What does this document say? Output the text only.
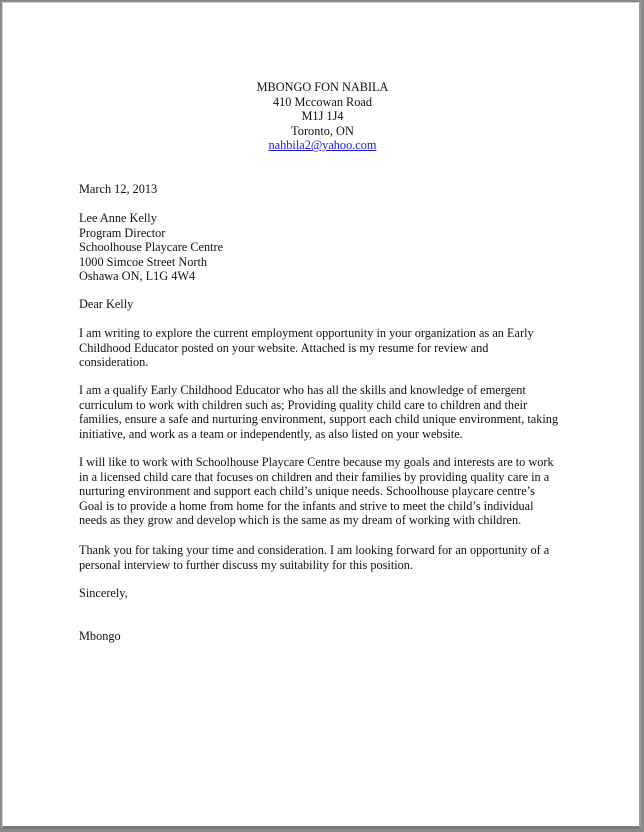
MBONGO FON NABILA
410 Mccowan Road
M1J 1J4
Toronto, ON
nahbila2@yahoo.com
March 12, 2013
Lee Anne Kelly
Program Director
Schoolhouse Playcare Centre
1000 Simcoe Street North
Oshawa ON, L1G 4W4
Dear Kelly
I am writing to explore the current employment opportunity in your organization as an Early
Childhood Educator posted on your website. Attached is my resume for review and
consideration.
I am a qualify Early Childhood Educator who has all the skills and knowledge of emergent
curriculum to work with children such as; Providing quality child care to children and their
families, ensure a safe and nurturing environment, support each child unique environment, taking
initiative, and work as a team or independently, as also listed on your website.
I will like to work with Schoolhouse Playcare Centre because my goals and interests are to work
in a licensed child care that focuses on children and their families by providing quality care in a
nurturing environment and support each child’s unique needs. Schoolhouse playcare centre’s
Goal is to provide a home from home for the infants and strive to meet the child’s individual
needs as they grow and develop which is the same as my dream of working with children.
Thank you for taking your time and consideration. I am looking forward for an opportunity of a
personal interview to further discuss my suitability for this position.
Sincerely,
Mbongo
